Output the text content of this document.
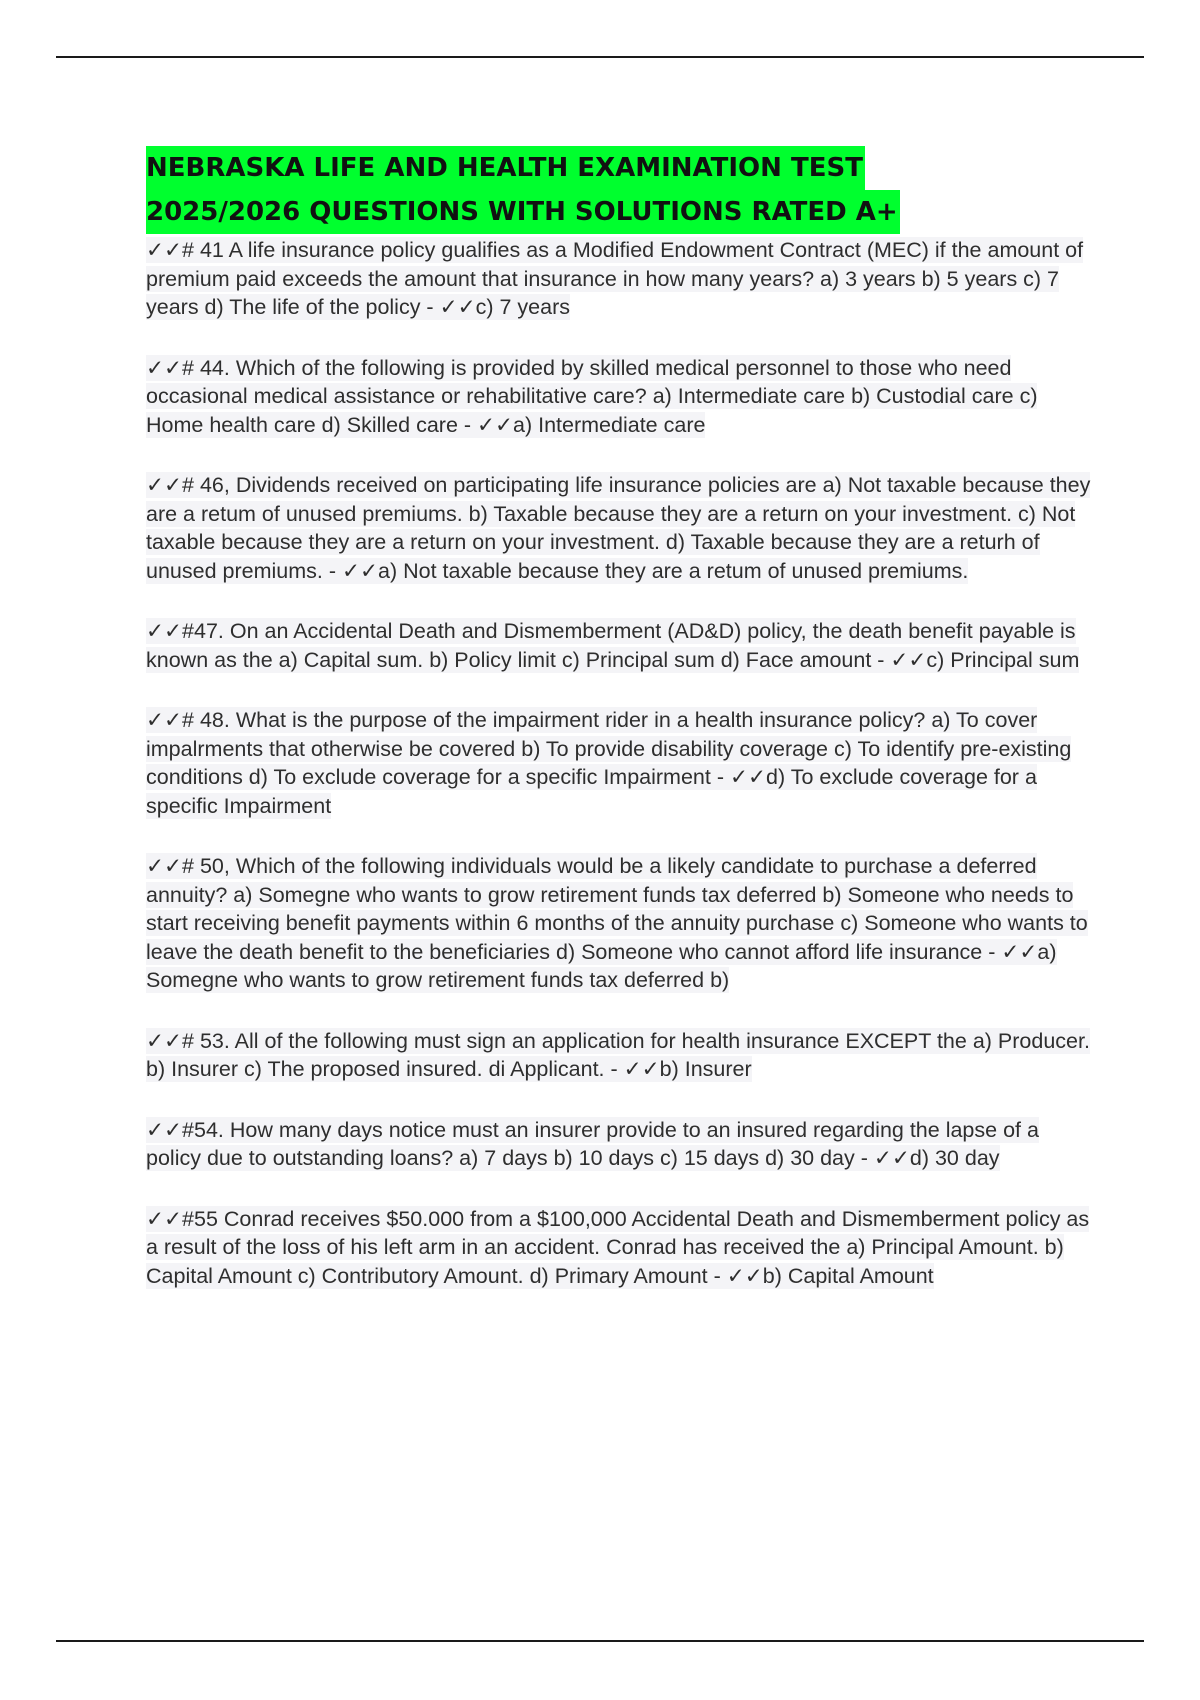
NEBRASKA LIFE AND HEALTH EXAMINATION TEST
2025/2026 QUESTIONS WITH SOLUTIONS RATED A+

✓✓# 41 A life insurance policy gualifies as a Modified Endowment Contract (MEC) if the amount of premium paid exceeds the amount that insurance in how many years? a) 3 years b) 5 years c) 7 years d) The life of the policy - ✓✓c) 7 years

✓✓# 44. Which of the following is provided by skilled medical personnel to those who need occasional medical assistance or rehabilitative care? a) Intermediate care b) Custodial care c) Home health care d) Skilled care - ✓✓a) Intermediate care

✓✓# 46, Dividends received on participating life insurance policies are a) Not taxable because they are a retum of unused premiums. b) Taxable because they are a return on your investment. c) Not taxable because they are a return on your investment. d) Taxable because they are a returh of unused premiums. - ✓✓a) Not taxable because they are a retum of unused premiums.

✓✓#47. On an Accidental Death and Dismemberment (AD&D) policy, the death benefit payable is known as the a) Capital sum. b) Policy limit c) Principal sum d) Face amount - ✓✓c) Principal sum

✓✓# 48. What is the purpose of the impairment rider in a health insurance policy? a) To cover impalrments that otherwise be covered b) To provide disability coverage c) To identify pre-existing conditions d) To exclude coverage for a specific Impairment - ✓✓d) To exclude coverage for a specific Impairment

✓✓# 50, Which of the following individuals would be a likely candidate to purchase a deferred annuity? a) Somegne who wants to grow retirement funds tax deferred b) Someone who needs to start receiving benefit payments within 6 months of the annuity purchase c) Someone who wants to leave the death benefit to the beneficiaries d) Someone who cannot afford life insurance - ✓✓a) Somegne who wants to grow retirement funds tax deferred b)

✓✓# 53. All of the following must sign an application for health insurance EXCEPT the a) Producer. b) Insurer c) The proposed insured. di Applicant. - ✓✓b) Insurer

✓✓#54. How many days notice must an insurer provide to an insured regarding the lapse of a policy due to outstanding loans? a) 7 days b) 10 days c) 15 days d) 30 day - ✓✓d) 30 day

✓✓#55 Conrad receives $50.000 from a $100,000 Accidental Death and Dismemberment policy as a result of the loss of his left arm in an accident. Conrad has received the a) Principal Amount. b) Capital Amount c) Contributory Amount. d) Primary Amount - ✓✓b) Capital Amount
